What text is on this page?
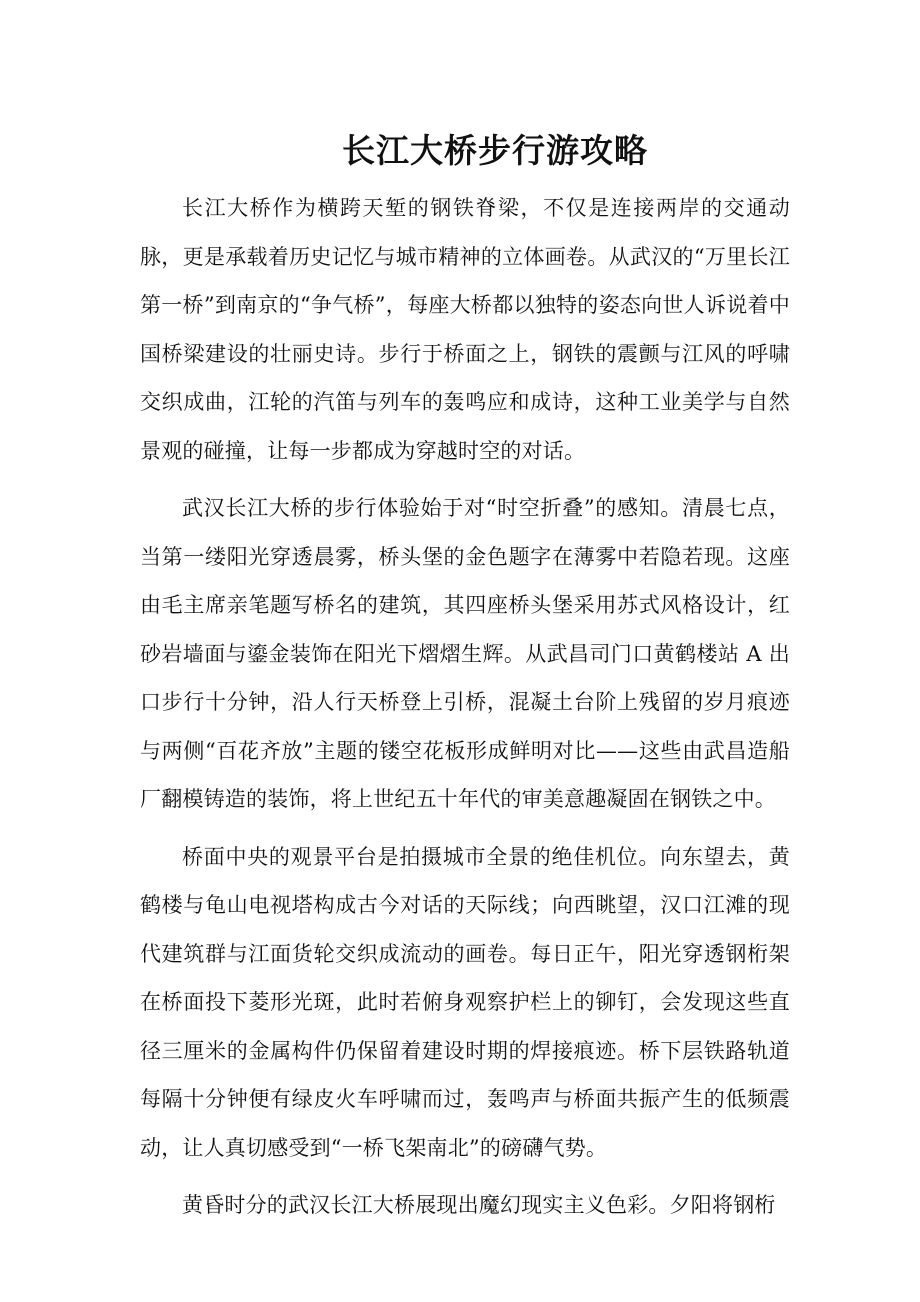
长江大桥步行游攻略

长江大桥作为横跨天堑的钢铁脊梁，不仅是连接两岸的交通动脉，更是承载着历史记忆与城市精神的立体画卷。从武汉的“万里长江第一桥”到南京的“争气桥”，每座大桥都以独特的姿态向世人诉说着中国桥梁建设的壮丽史诗。步行于桥面之上，钢铁的震颤与江风的呼啸交织成曲，江轮的汽笛与列车的轰鸣应和成诗，这种工业美学与自然景观的碰撞，让每一步都成为穿越时空的对话。

武汉长江大桥的步行体验始于对“时空折叠”的感知。清晨七点，当第一缕阳光穿透晨雾，桥头堡的金色题字在薄雾中若隐若现。这座由毛主席亲笔题写桥名的建筑，其四座桥头堡采用苏式风格设计，红砂岩墙面与鎏金装饰在阳光下熠熠生辉。从武昌司门口黄鹤楼站 A 出口步行十分钟，沿人行天桥登上引桥，混凝土台阶上残留的岁月痕迹与两侧“百花齐放”主题的镂空花板形成鲜明对比——这些由武昌造船厂翻模铸造的装饰，将上世纪五十年代的审美意趣凝固在钢铁之中。

桥面中央的观景平台是拍摄城市全景的绝佳机位。向东望去，黄鹤楼与龟山电视塔构成古今对话的天际线；向西眺望，汉口江滩的现代建筑群与江面货轮交织成流动的画卷。每日正午，阳光穿透钢桁架在桥面投下菱形光斑，此时若俯身观察护栏上的铆钉，会发现这些直径三厘米的金属构件仍保留着建设时期的焊接痕迹。桥下层铁路轨道每隔十分钟便有绿皮火车呼啸而过，轰鸣声与桥面共振产生的低频震动，让人真切感受到“一桥飞架南北”的磅礴气势。

黄昏时分的武汉长江大桥展现出魔幻现实主义色彩。夕阳将钢桁
